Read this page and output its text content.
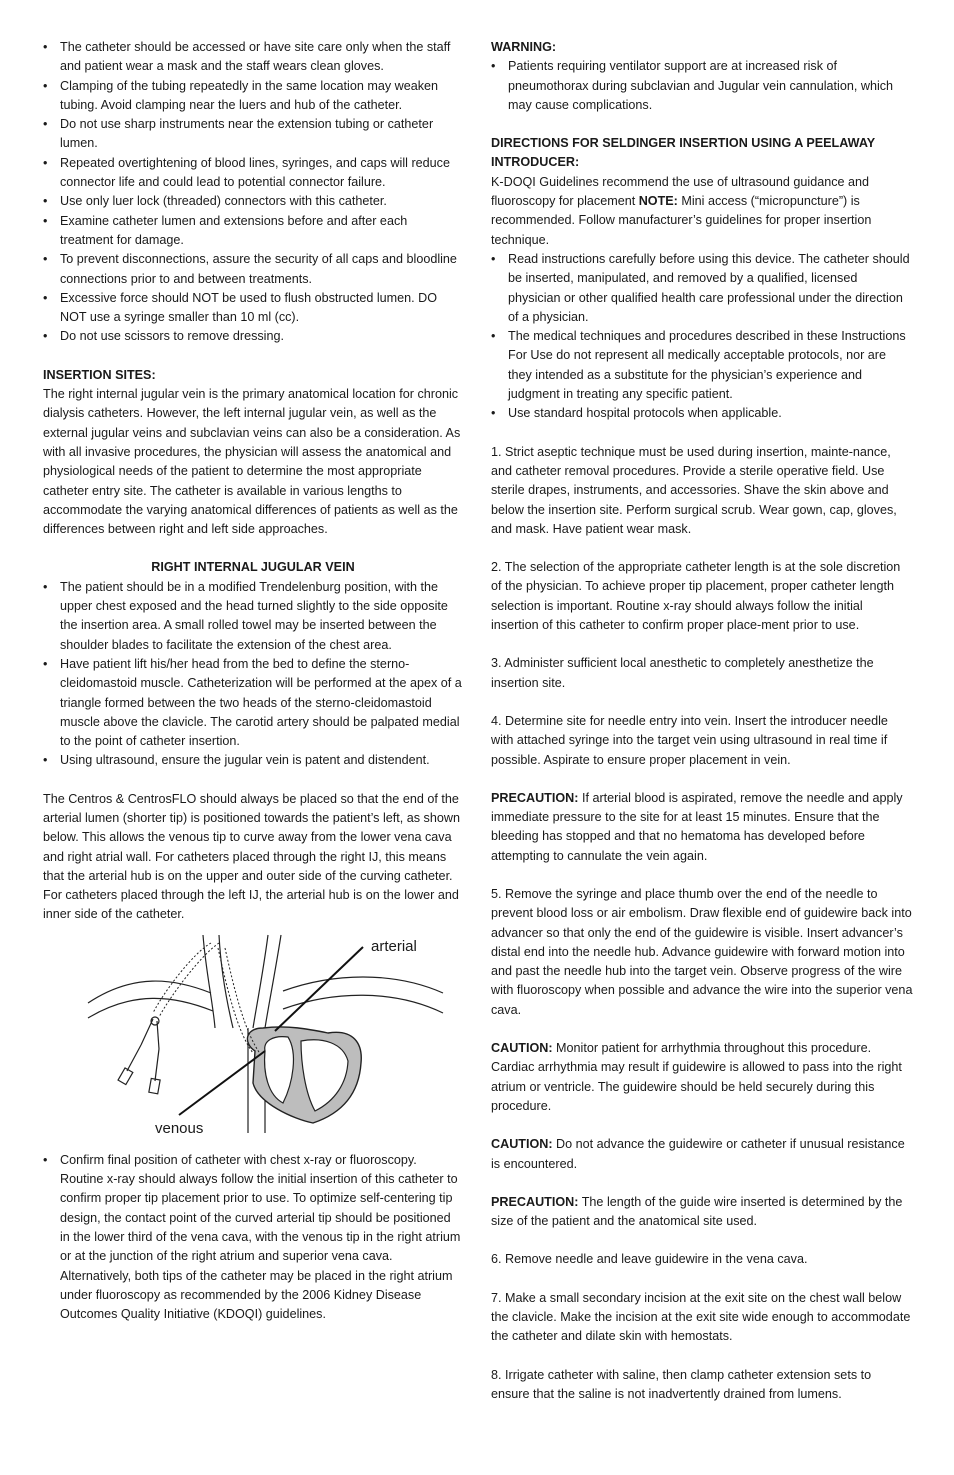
• The catheter should be accessed or have site care only when the staff and patient wear a mask and the staff wears clean gloves.
• Clamping of the tubing repeatedly in the same location may weaken tubing. Avoid clamping near the luers and hub of the catheter.
• Do not use sharp instruments near the extension tubing or catheter lumen.
• Repeated overtightening of blood lines, syringes, and caps will reduce connector life and could lead to potential connector failure.
• Use only luer lock (threaded) connectors with this catheter.
• Examine catheter lumen and extensions before and after each treatment for damage.
• To prevent disconnections, assure the security of all caps and bloodline connections prior to and between treatments.
• Excessive force should NOT be used to flush obstructed lumen. DO NOT use a syringe smaller than 10 ml (cc).
• Do not use scissors to remove dressing.

INSERTION SITES:

The right internal jugular vein is the primary anatomical location for chronic dialysis catheters. However, the left internal jugular vein, as well as the external jugular veins and subclavian veins can also be a consideration. As with all invasive procedures, the physician will assess the anatomical and physiological needs of the patient to determine the most appropriate catheter entry site. The catheter is available in various lengths to accommodate the varying anatomical differences of patients as well as the differences between right and left side approaches.

RIGHT INTERNAL JUGULAR VEIN

• The patient should be in a modified Trendelenburg position, with the upper chest exposed and the head turned slightly to the side opposite the insertion area. A small rolled towel may be inserted between the shoulder blades to facilitate the extension of the chest area.
• Have patient lift his/her head from the bed to define the sterno-cleidomastoid muscle. Catheterization will be performed at the apex of a triangle formed between the two heads of the sterno-cleidomastoid muscle above the clavicle. The carotid artery should be palpated medial to the point of catheter insertion.
• Using ultrasound, ensure the jugular vein is patent and distendent.

The Centros & CentrosFLO should always be placed so that the end of the arterial lumen (shorter tip) is positioned towards the patient’s left, as shown below. This allows the venous tip to curve away from the lower vena cava and right atrial wall. For catheters placed through the right IJ, this means that the arterial hub is on the upper and outer side of the curving catheter. For catheters placed through the left IJ, the arterial hub is on the lower and inner side of the catheter.

arterial
venous
• Confirm final position of catheter with chest x-ray or fluoroscopy. Routine x-ray should always follow the initial insertion of this catheter to confirm proper tip placement prior to use. To optimize self-centering tip design, the contact point of the curved arterial tip should be positioned in the lower third of the vena cava, with the venous tip in the right atrium or at the junction of the right atrium and superior vena cava. Alternatively, both tips of the catheter may be placed in the right atrium under fluoroscopy as recommended by the 2006 Kidney Disease Outcomes Quality Initiative (KDOQI) guidelines.

WARNING:

• Patients requiring ventilator support are at increased risk of pneumothorax during subclavian and Jugular vein cannulation, which may cause complications.

DIRECTIONS FOR SELDINGER INSERTION USING A PEELAWAY INTRODUCER:

K-DOQI Guidelines recommend the use of ultrasound guidance and fluoroscopy for placement NOTE: Mini access (“micropuncture”) is recommended. Follow manufacturer’s guidelines for proper insertion technique.

• Read instructions carefully before using this device. The catheter should be inserted, manipulated, and removed by a qualified, licensed physician or other qualified health care professional under the direction of a physician.
• The medical techniques and procedures described in these Instructions For Use do not represent all medically acceptable protocols, nor are they intended as a substitute for the physician’s experience and judgment in treating any specific patient.
• Use standard hospital protocols when applicable.

1. Strict aseptic technique must be used during insertion, mainte-nance, and catheter removal procedures. Provide a sterile operative field. Use sterile drapes, instruments, and accessories. Shave the skin above and below the insertion site. Perform surgical scrub. Wear gown, cap, gloves, and mask. Have patient wear mask.

2. The selection of the appropriate catheter length is at the sole discretion of the physician. To achieve proper tip placement, proper catheter length selection is important. Routine x-ray should always follow the initial insertion of this catheter to confirm proper place-ment prior to use.

3. Administer sufficient local anesthetic to completely anesthetize the insertion site.

4. Determine site for needle entry into vein. Insert the introducer needle with attached syringe into the target vein using ultrasound in real time if possible. Aspirate to ensure proper placement in vein.

PRECAUTION: If arterial blood is aspirated, remove the needle and apply immediate pressure to the site for at least 15 minutes. Ensure that the bleeding has stopped and that no hematoma has developed before attempting to cannulate the vein again.

5. Remove the syringe and place thumb over the end of the needle to prevent blood loss or air embolism. Draw flexible end of guidewire back into advancer so that only the end of the guidewire is visible. Insert advancer’s distal end into the needle hub. Advance guidewire with forward motion into and past the needle hub into the target vein. Observe progress of the wire with fluoroscopy when possible and advance the wire into the superior vena cava.

CAUTION: Monitor patient for arrhythmia throughout this procedure. Cardiac arrhythmia may result if guidewire is allowed to pass into the right atrium or ventricle. The guidewire should be held securely during this procedure.

CAUTION: Do not advance the guidewire or catheter if unusual resistance is encountered.

PRECAUTION: The length of the guide wire inserted is determined by the size of the patient and the anatomical site used.

6. Remove needle and leave guidewire in the vena cava.

7. Make a small secondary incision at the exit site on the chest wall below the clavicle. Make the incision at the exit site wide enough to accommodate the catheter and dilate skin with hemostats.

8. Irrigate catheter with saline, then clamp catheter extension sets to ensure that the saline is not inadvertently drained from lumens.
